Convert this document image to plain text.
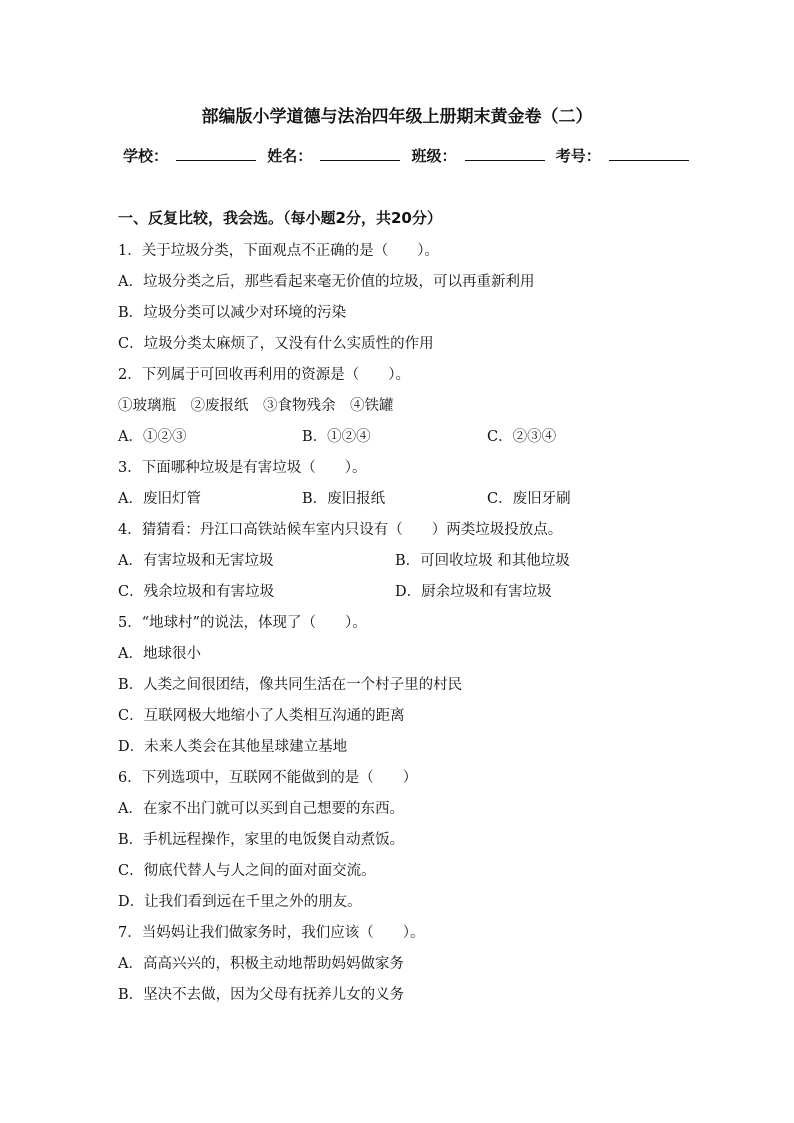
部编版小学道德与法治四年级上册期末黄金卷（二）
学校：	姓名：	班级：	考号：
一、反复比较，我会选。（每小题2分，共20分）
1．关于垃圾分类，下面观点不正确的是（　　）。
A．垃圾分类之后，那些看起来毫无价值的垃圾，可以再重新利用
B．垃圾分类可以减少对环境的污染
C．垃圾分类太麻烦了，又没有什么实质性的作用
2．下列属于可回收再利用的资源是（　　）。
①玻璃瓶　②废报纸　③食物残余　④铁罐
A．①②③	B．①②④	C．②③④
3．下面哪种垃圾是有害垃圾（　　）。
A．废旧灯管	B．废旧报纸	C．废旧牙刷
4．猜猜看：丹江口高铁站候车室内只设有（　　）两类垃圾投放点。
A．有害垃圾和无害垃圾	B．可回收垃圾 和其他垃圾
C．残余垃圾和有害垃圾	D．厨余垃圾和有害垃圾
5．“地球村”的说法，体现了（　　）。
A．地球很小
B．人类之间很团结，像共同生活在一个村子里的村民
C．互联网极大地缩小了人类相互沟通的距离
D．未来人类会在其他星球建立基地
6．下列选项中，互联网不能做到的是（　　）
A．在家不出门就可以买到自己想要的东西。
B．手机远程操作，家里的电饭煲自动煮饭。
C．彻底代替人与人之间的面对面交流。
D．让我们看到远在千里之外的朋友。
7．当妈妈让我们做家务时，我们应该（　　）。
A．高高兴兴的，积极主动地帮助妈妈做家务
B．坚决不去做，因为父母有抚养儿女的义务
